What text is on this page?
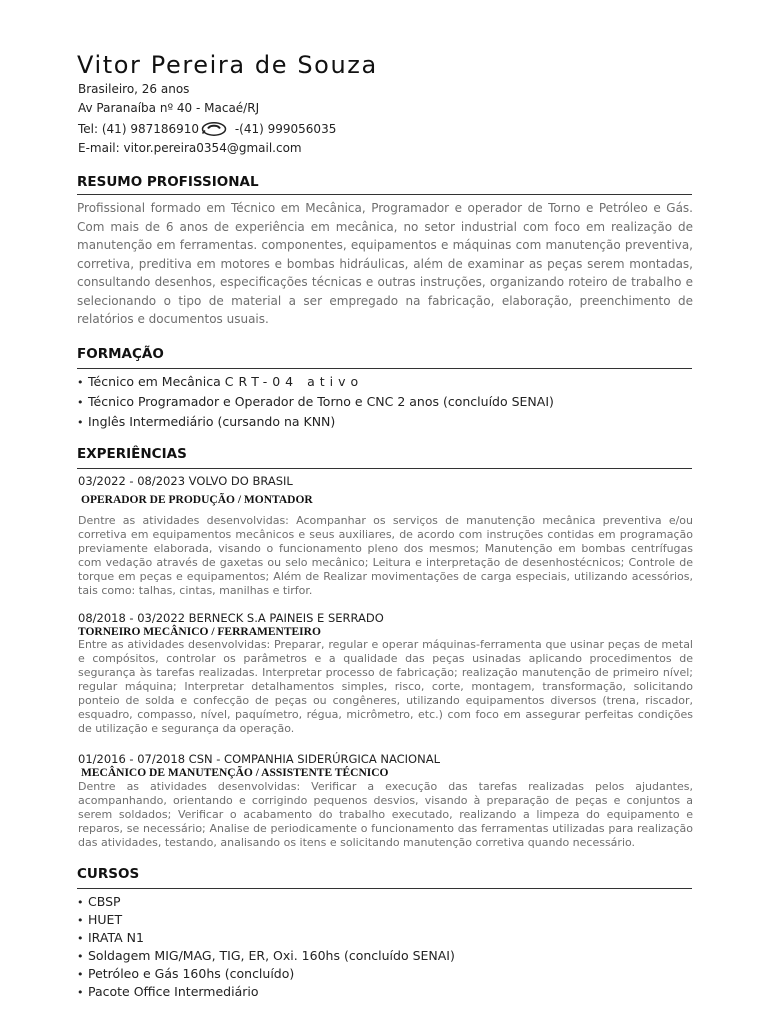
Vitor Pereira de Souza
Brasileiro, 26 anos
Av Paranaíba nº 40 - Macaé/RJ
Tel: (41) 987186910	-(41) 999056035
E-mail: vitor.pereira0354@gmail.com
RESUMO PROFISSIONAL

Profissional formado em Técnico em Mecânica, Programador e operador de Torno e Petróleo e Gás. Com mais de 6 anos de experiência em mecânica, no setor industrial com foco em realização de manutenção em ferramentas. componentes, equipamentos e máquinas com manutenção preventiva, corretiva, preditiva em motores e bombas hidráulicas, além de examinar as peças serem montadas, consultando desenhos, especificações técnicas e outras instruções, organizando roteiro de trabalho e selecionando o tipo de material a ser empregado na fabricação, elaboração, preenchimento de relatórios e documentos usuais.

FORMAÇÃO
• Técnico em Mecânica CRT-04 ativo
• Técnico Programador e Operador de Torno e CNC 2 anos (concluído SENAI)
• Inglês Intermediário (cursando na KNN)
EXPERIÊNCIAS
03/2022 - 08/2023 VOLVO DO BRASIL
OPERADOR DE PRODUÇÃO / MONTADOR

Dentre as atividades desenvolvidas: Acompanhar os serviços de manutenção mecânica preventiva e/ou corretiva em equipamentos mecânicos e seus auxiliares, de acordo com instruções contidas em programação previamente elaborada, visando o funcionamento pleno dos mesmos; Manutenção em bombas centrífugas com vedação através de gaxetas ou selo mecânico; Leitura e interpretação de desenhostécnicos; Controle de torque em peças e equipamentos; Além de Realizar movimentações de carga especiais, utilizando acessórios, tais como: talhas, cintas, manilhas e tirfor.

08/2018 - 03/2022 BERNECK S.A PAINEIS E SERRADO
TORNEIRO MECÂNICO / FERRAMENTEIRO

Entre as atividades desenvolvidas: Preparar, regular e operar máquinas-ferramenta que usinar peças de metal e compósitos, controlar os parâmetros e a qualidade das peças usinadas aplicando procedimentos de segurança às tarefas realizadas. Interpretar processo de fabricação; realização manutenção de primeiro nível; regular máquina; Interpretar detalhamentos simples, risco, corte, montagem, transformação, solicitando ponteio de solda e confecção de peças ou congêneres, utilizando equipamentos diversos (trena, riscador, esquadro, compasso, nível, paquímetro, régua, micrômetro, etc.) com foco em assegurar perfeitas condições de utilização e segurança da operação.

01/2016 - 07/2018 CSN - COMPANHIA SIDERÚRGICA NACIONAL
MECÂNICO DE MANUTENÇÃO / ASSISTENTE TÉCNICO

Dentre as atividades desenvolvidas: Verificar a execução das tarefas realizadas pelos ajudantes, acompanhando, orientando e corrigindo pequenos desvios, visando à preparação de peças e conjuntos a serem soldados; Verificar o acabamento do trabalho executado, realizando a limpeza do equipamento e reparos, se necessário; Analise de periodicamente o funcionamento das ferramentas utilizadas para realização das atividades, testando, analisando os itens e solicitando manutenção corretiva quando necessário.

CURSOS
• CBSP
• HUET
• IRATA N1
• Soldagem MIG/MAG, TIG, ER, Oxi. 160hs (concluído SENAI)
• Petróleo e Gás 160hs (concluído)
• Pacote Office Intermediário
